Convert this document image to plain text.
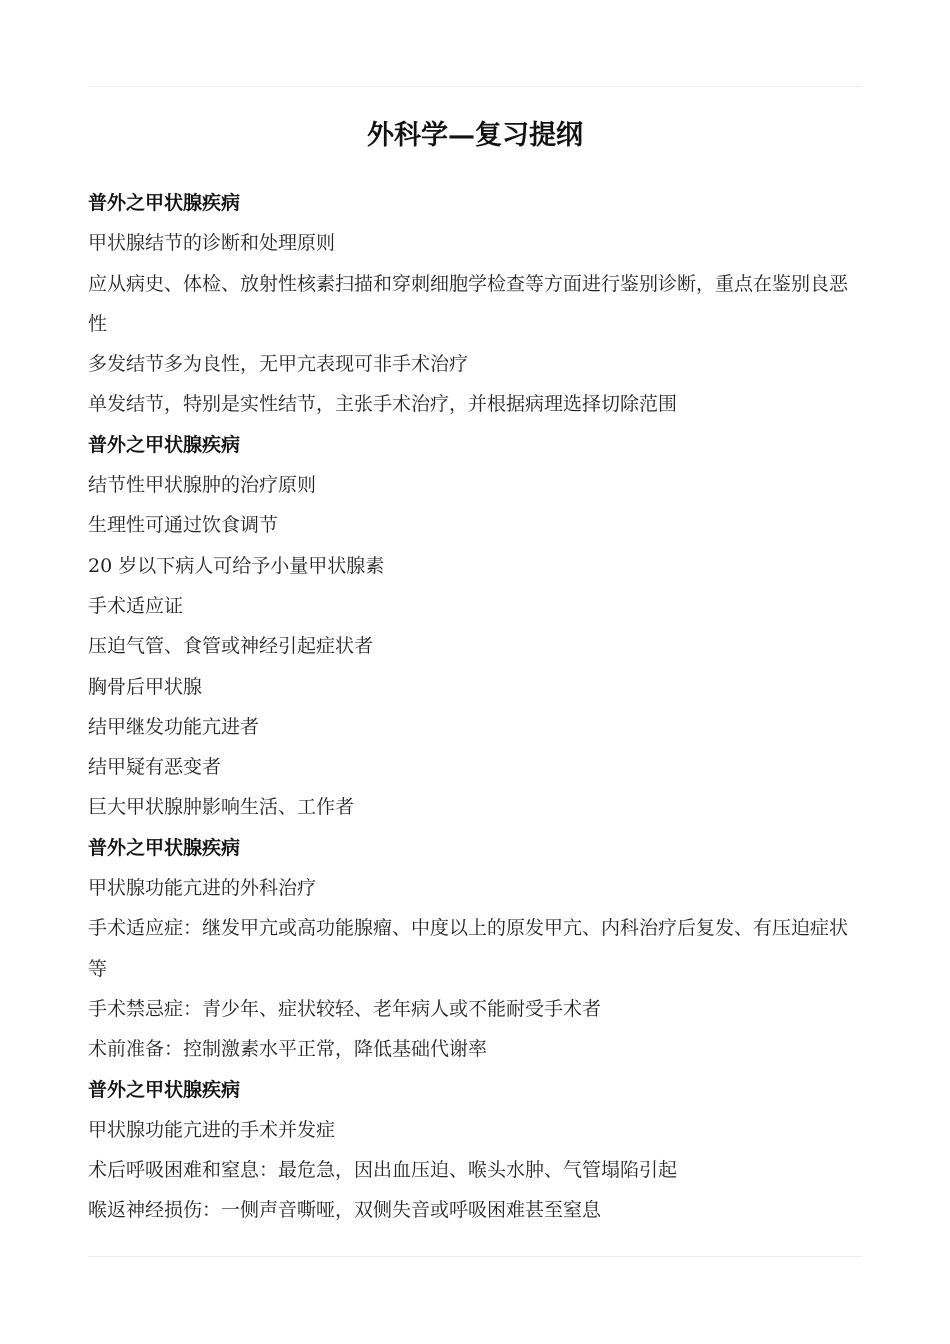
外科学—复习提纲

普外之甲状腺疾病

甲状腺结节的诊断和处理原则

应从病史、体检、放射性核素扫描和穿刺细胞学检查等方面进行鉴别诊断，重点在鉴别良恶性

多发结节多为良性，无甲亢表现可非手术治疗

单发结节，特别是实性结节，主张手术治疗，并根据病理选择切除范围

普外之甲状腺疾病

结节性甲状腺肿的治疗原则

生理性可通过饮食调节

20 岁以下病人可给予小量甲状腺素

手术适应证

压迫气管、食管或神经引起症状者

胸骨后甲状腺

结甲继发功能亢进者

结甲疑有恶变者

巨大甲状腺肿影响生活、工作者

普外之甲状腺疾病

甲状腺功能亢进的外科治疗

手术适应症：继发甲亢或高功能腺瘤、中度以上的原发甲亢、内科治疗后复发、有压迫症状等

手术禁忌症：青少年、症状较轻、老年病人或不能耐受手术者

术前准备：控制激素水平正常，降低基础代谢率

普外之甲状腺疾病

甲状腺功能亢进的手术并发症

术后呼吸困难和窒息：最危急，因出血压迫、喉头水肿、气管塌陷引起

喉返神经损伤：一侧声音嘶哑，双侧失音或呼吸困难甚至窒息
